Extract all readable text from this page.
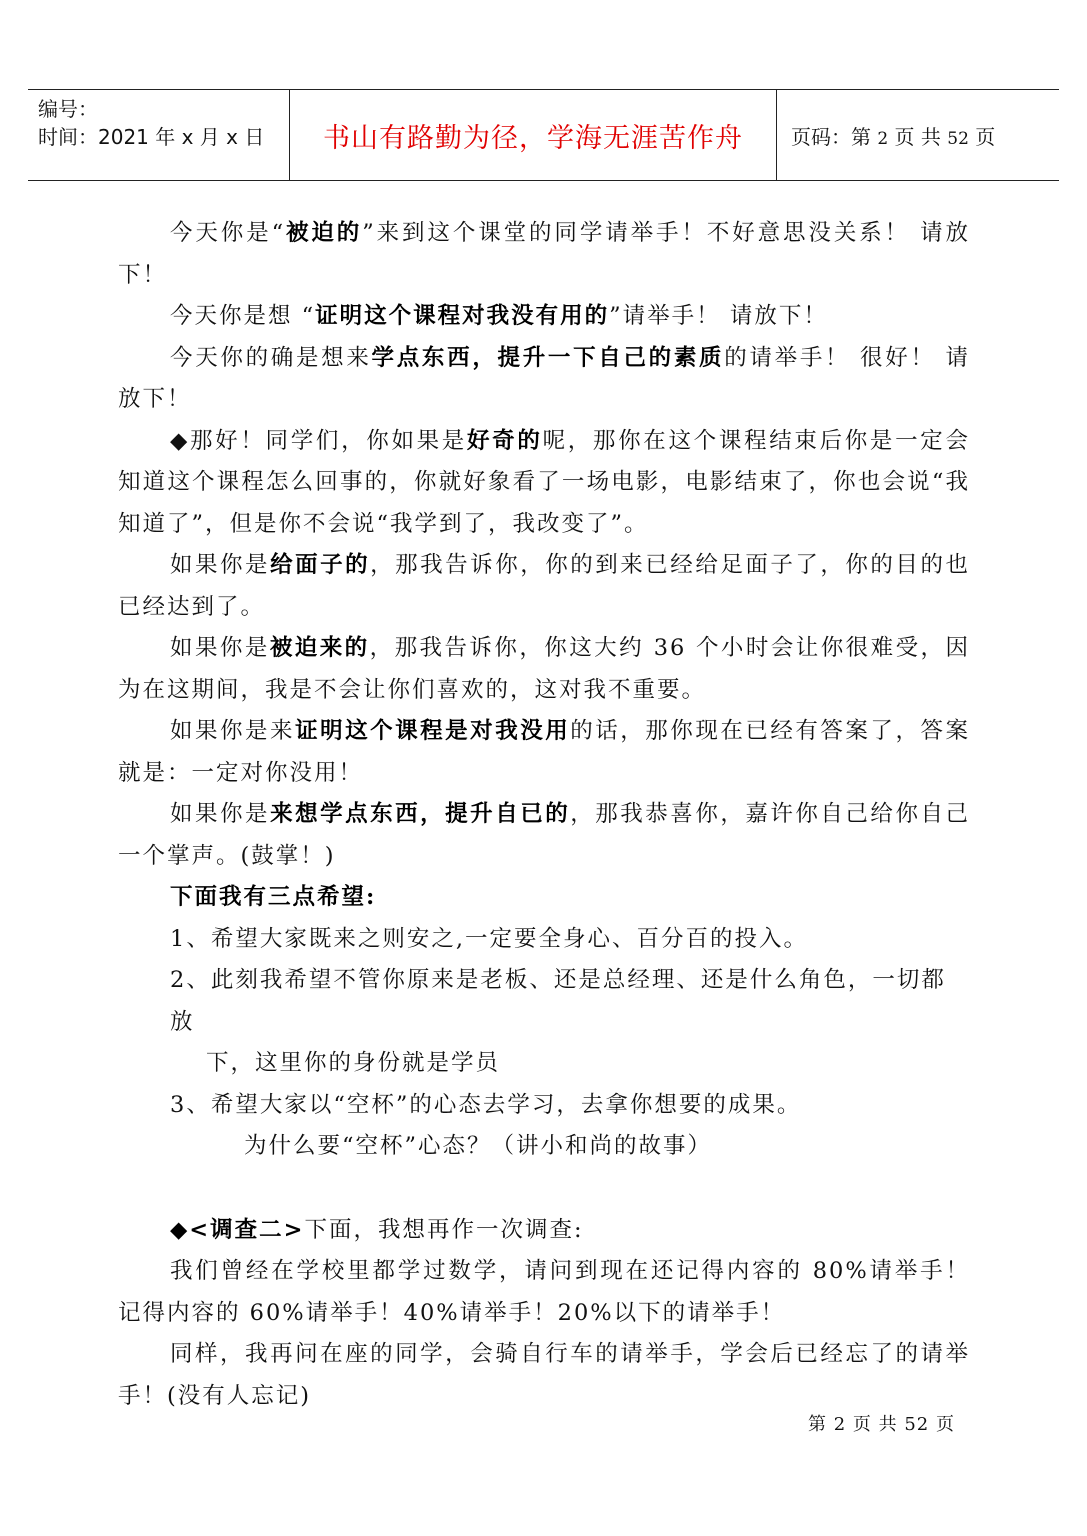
编号：
时间：2021 年 x 月 x 日 书山有路勤为径，学海无涯苦作舟 页码：第 2 页 共 52 页

今天你是“被迫的”来到这个课堂的同学请举手！不好意思没关系！ 请放下！

今天你是想 “证明这个课程对我没有用的”请举手！ 请放下！

今天你的确是想来学点东西，提升一下自己的素质的请举手！ 很好！ 请放下！

◆那好！同学们，你如果是好奇的呢，那你在这个课程结束后你是一定会知道这个课程怎么回事的，你就好象看了一场电影，电影结束了，你也会说“我知道了”，但是你不会说“我学到了，我改变了”。

如果你是给面子的，那我告诉你，你的到来已经给足面子了，你的目的也已经达到了。

如果你是被迫来的，那我告诉你，你这大约 36 个小时会让你很难受，因为在这期间，我是不会让你们喜欢的，这对我不重要。

如果你是来证明这个课程是对我没用的话，那你现在已经有答案了，答案就是：一定对你没用！

如果你是来想学点东西，提升自已的，那我恭喜你，嘉许你自己给你自己一个掌声。(鼓掌！)

下面我有三点希望:

1、希望大家既来之则安之,一定要全身心、百分百的投入。
2、此刻我希望不管你原来是老板、还是总经理、还是什么角色，一切都放
下，这里你的身份就是学员
3、希望大家以“空杯”的心态去学习，去拿你想要的成果。
为什么要“空杯”心态？（讲小和尚的故事）

◆<调查二>下面，我想再作一次调查:

我们曾经在学校里都学过数学，请问到现在还记得内容的 80%请举手！记得内容的 60%请举手！40%请举手！20%以下的请举手！

同样，我再问在座的同学，会骑自行车的请举手，学会后已经忘了的请举手！(没有人忘记)

第 2 页 共 52 页
